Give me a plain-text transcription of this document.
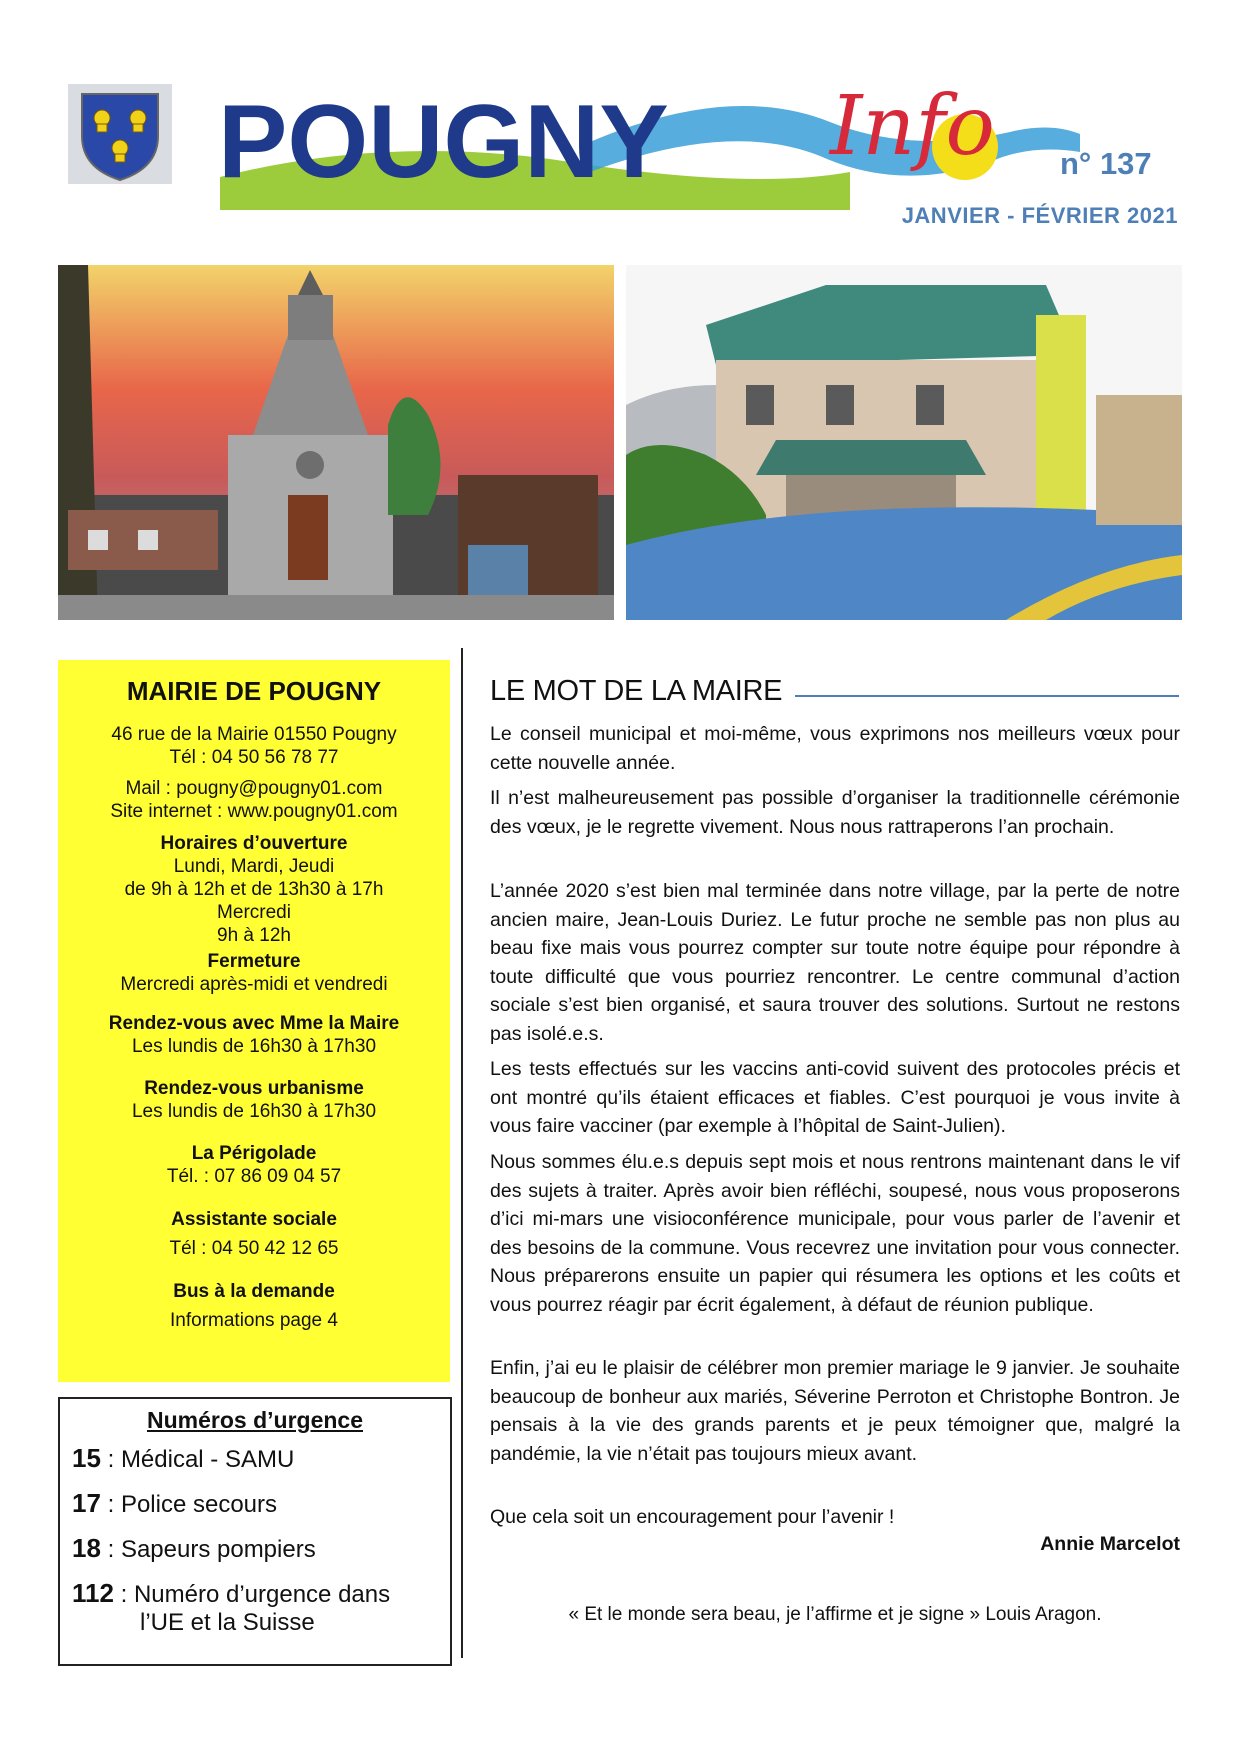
POUGNY Info n° 137
JANVIER - FÉVRIER 2021
MAIRIE DE POUGNY
46 rue de la Mairie 01550 Pougny
Tél : 04 50 56 78 77
Mail : pougny@pougny01.com
Site internet : www.pougny01.com
Horaires d’ouverture
Lundi, Mardi, Jeudi
de 9h à 12h et de 13h30 à 17h
Mercredi
9h à 12h
Fermeture
Mercredi après-midi et vendredi
Rendez-vous avec Mme la Maire
Les lundis de 16h30 à 17h30
Rendez-vous urbanisme
Les lundis de 16h30 à 17h30
La Périgolade
Tél. : 07 86 09 04 57
Assistante sociale
Tél : 04 50 42 12 65
Bus à la demande
Informations page 4
Numéros d’urgence
15 : Médical - SAMU
17 : Police secours
18 : Sapeurs pompiers
112 : Numéro d’urgence dans
l’UE et la Suisse
LE MOT DE LA MAIRE
Le conseil municipal et moi-même, vous exprimons nos meilleurs vœux pour cette nouvelle année.
Il n’est malheureusement pas possible d’organiser la traditionnelle cérémonie des vœux, je le regrette vivement. Nous nous rattraperons l’an prochain.
L’année 2020 s’est bien mal terminée dans notre village, par la perte de notre ancien maire, Jean-Louis Duriez. Le futur proche ne semble pas non plus au beau fixe mais vous pourrez compter sur toute notre équipe pour répondre à toute difficulté que vous pourriez rencontrer. Le centre communal d’action sociale s’est bien organisé, et saura trouver des solutions. Surtout ne restons pas isolé.e.s.
Les tests effectués sur les vaccins anti-covid suivent des protocoles précis et ont montré qu’ils étaient efficaces et fiables. C’est pourquoi je vous invite à vous faire vacciner (par exemple à l’hôpital de Saint-Julien).
Nous sommes élu.e.s depuis sept mois et nous rentrons maintenant dans le vif des sujets à traiter. Après avoir bien réfléchi, soupesé, nous vous proposerons d’ici mi-mars une visioconférence municipale, pour vous parler de l’avenir et des besoins de la commune. Vous recevrez une invitation pour vous connecter. Nous préparerons ensuite un papier qui résumera les options et les coûts et vous pourrez réagir par écrit également, à défaut de réunion publique.
Enfin, j’ai eu le plaisir de célébrer mon premier mariage le 9 janvier. Je souhaite beaucoup de bonheur aux mariés, Séverine Perroton et Christophe Bontron. Je pensais à la vie des grands parents et je peux témoigner que, malgré la pandémie, la vie n’était pas toujours mieux avant.
Que cela soit un encouragement pour l’avenir !
Annie Marcelot
« Et le monde sera beau, je l’affirme et je signe » Louis Aragon.
